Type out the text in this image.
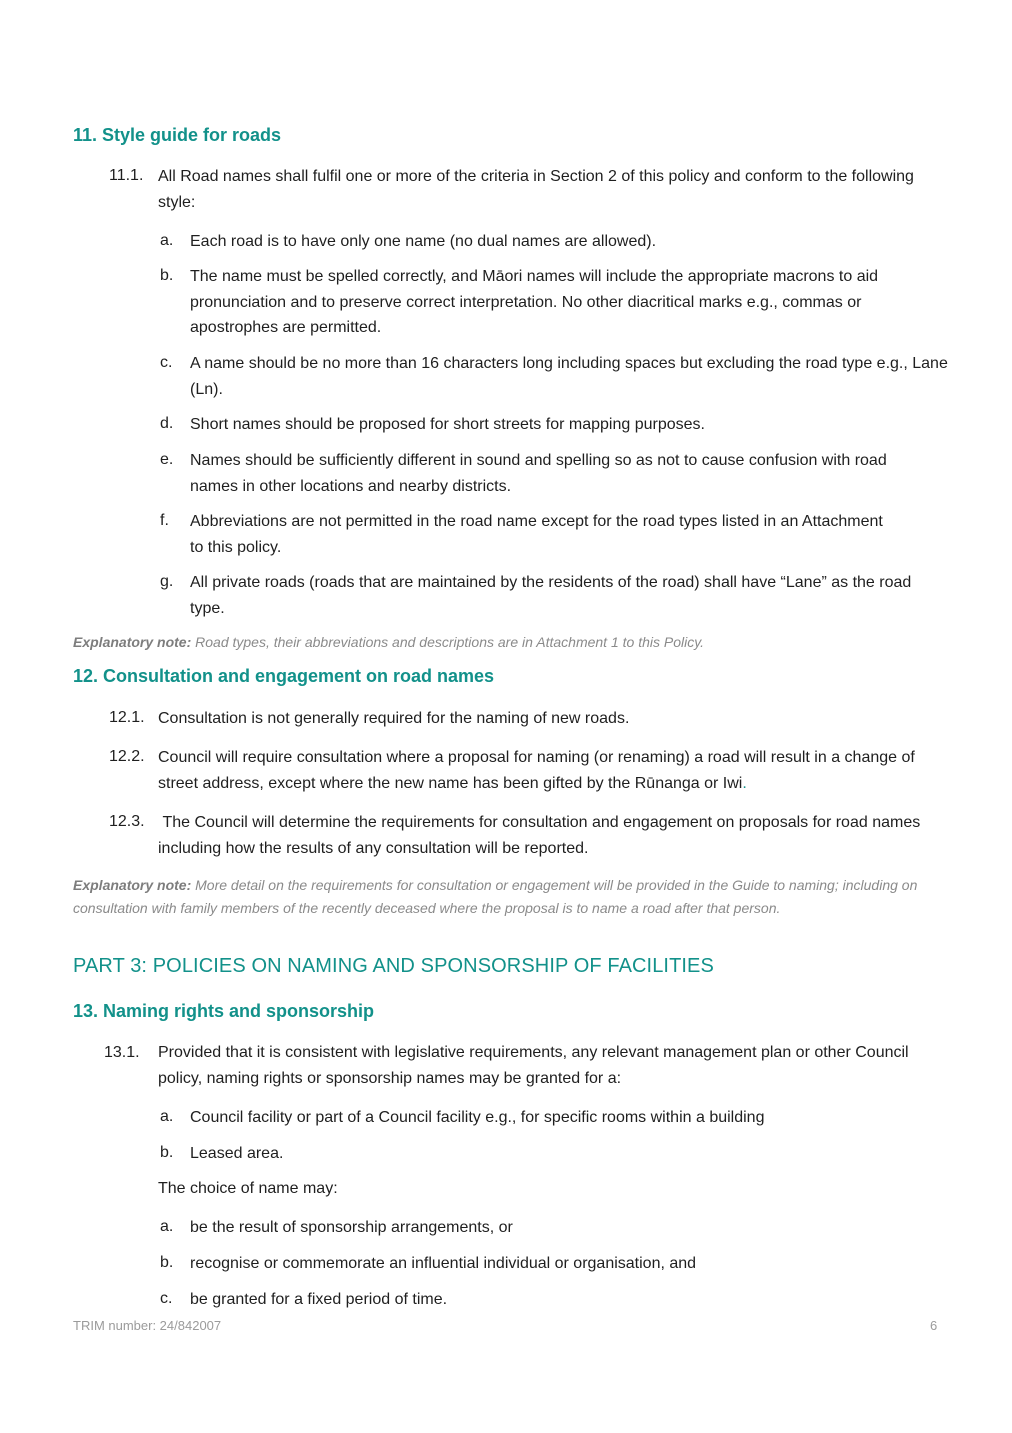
11. Style guide for roads
11.1. All Road names shall fulfil one or more of the criteria in Section 2 of this policy and conform to the following style:
a. Each road is to have only one name (no dual names are allowed).
b. The name must be spelled correctly, and Māori names will include the appropriate macrons to aid pronunciation and to preserve correct interpretation. No other diacritical marks e.g., commas or apostrophes are permitted.
c. A name should be no more than 16 characters long including spaces but excluding the road type e.g., Lane (Ln).
d. Short names should be proposed for short streets for mapping purposes.
e. Names should be sufficiently different in sound and spelling so as not to cause confusion with road names in other locations and nearby districts.
f. Abbreviations are not permitted in the road name except for the road types listed in an Attachment to this policy.
g. All private roads (roads that are maintained by the residents of the road) shall have “Lane” as the road type.
Explanatory note: Road types, their abbreviations and descriptions are in Attachment 1 to this Policy.
12. Consultation and engagement on road names
12.1. Consultation is not generally required for the naming of new roads.
12.2. Council will require consultation where a proposal for naming (or renaming) a road will result in a change of street address, except where the new name has been gifted by the Rūnanga or Iwi.
12.3. The Council will determine the requirements for consultation and engagement on proposals for road names including how the results of any consultation will be reported.
Explanatory note: More detail on the requirements for consultation or engagement will be provided in the Guide to naming; including on consultation with family members of the recently deceased where the proposal is to name a road after that person.
PART 3: POLICIES ON NAMING AND SPONSORSHIP OF FACILITIES
13. Naming rights and sponsorship
13.1. Provided that it is consistent with legislative requirements, any relevant management plan or other Council policy, naming rights or sponsorship names may be granted for a:
a. Council facility or part of a Council facility e.g., for specific rooms within a building
b. Leased area.
The choice of name may:
a. be the result of sponsorship arrangements, or
b. recognise or commemorate an influential individual or organisation, and
c. be granted for a fixed period of time.
TRIM number: 24/842007	6
